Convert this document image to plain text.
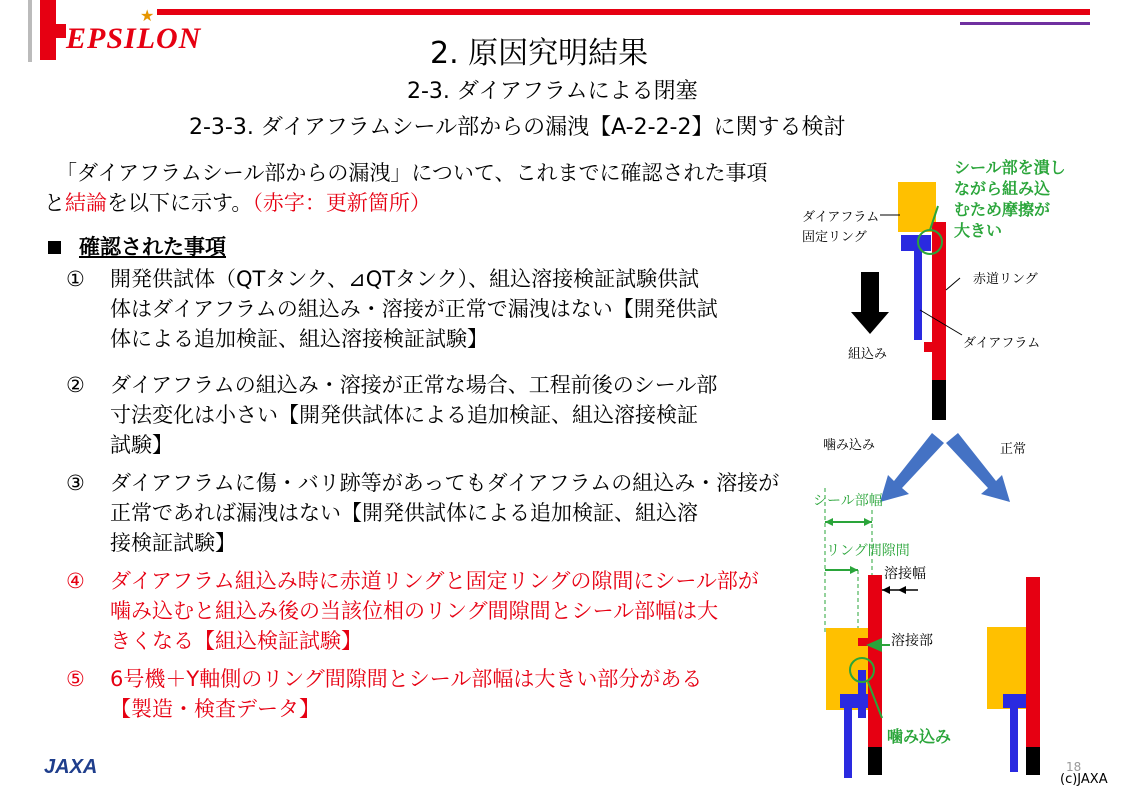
EPSILON
★
2. 原因究明結果
2-3. ダイアフラムによる閉塞
2-3-3. ダイアフラムシール部からの漏洩【A-2-2-2】に関する検討
「ダイアフラムシール部からの漏洩」について、これまでに確認された事項
と結論を以下に示す。（赤字：更新箇所）
確認された事項
① 開発供試体（QTタンク、⊿QTタンク）、組込溶接検証試験供試
体はダイアフラムの組込み・溶接が正常で漏洩はない【開発供試
体による追加検証、組込溶接検証試験】
② ダイアフラムの組込み・溶接が正常な場合、工程前後のシール部
寸法変化は小さい【開発供試体による追加検証、組込溶接検証
試験】
③ ダイアフラムに傷・バリ跡等があってもダイアフラムの組込み・溶接が
正常であれば漏洩はない【開発供試体による追加検証、組込溶
接検証試験】
④ ダイアフラム組込み時に赤道リングと固定リングの隙間にシール部が
噛み込むと組込み後の当該位相のリング間隙間とシール部幅は大
きくなる【組込検証試験】
⑤ 6号機＋Y軸側のリング間隙間とシール部幅は大きい部分がある
【製造・検査データ】
シール部を潰し
ながら組み込
むため摩擦が
大きい
ダイアフラム
固定リング
赤道リング
ダイアフラム
組込み
噛み込み	正常
シール部幅
リング間隙間
溶接幅
溶接部
噛み込み
JAXA	18
(c)JAXA
